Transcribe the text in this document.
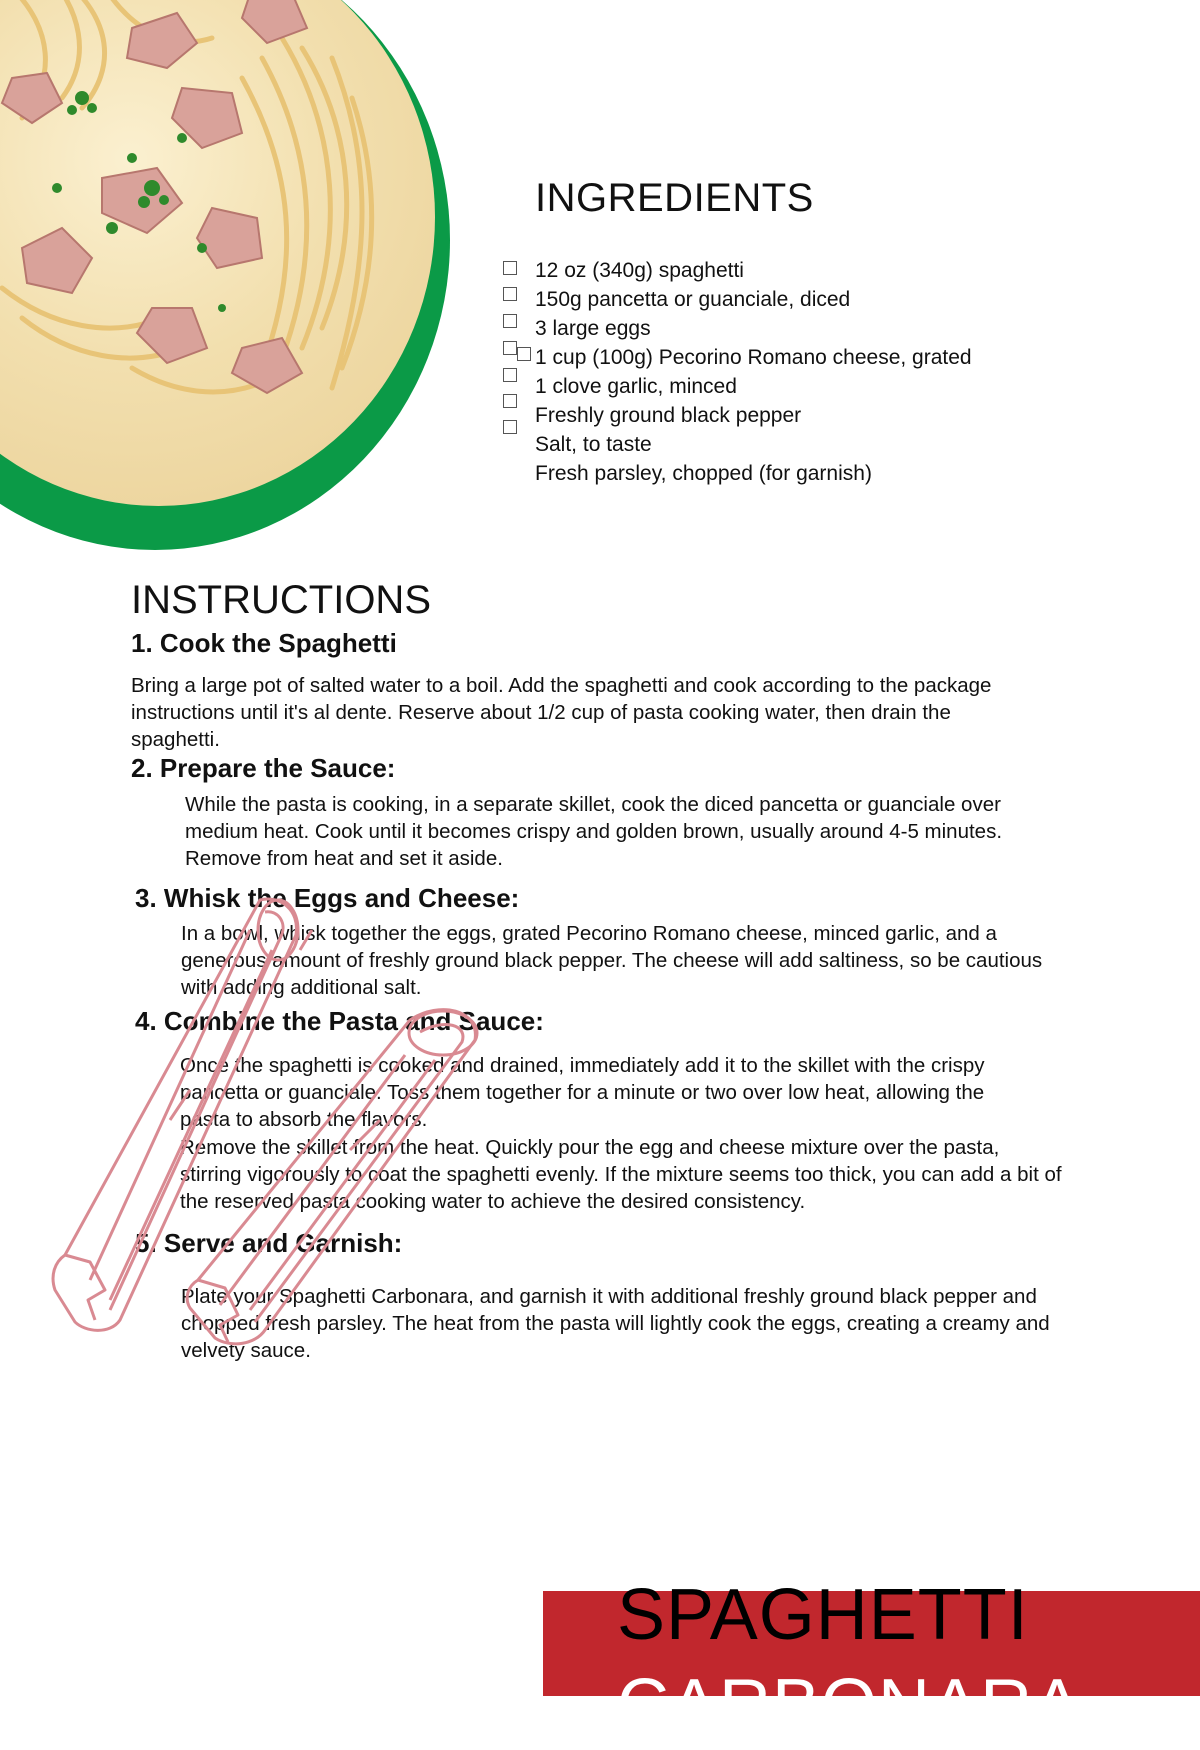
INGREDIENTS
12 oz (340g) spaghetti
150g pancetta or guanciale, diced
3 large eggs
1 cup (100g) Pecorino Romano cheese, grated
1 clove garlic, minced
Freshly ground black pepper
Salt, to taste
Fresh parsley, chopped (for garnish)
INSTRUCTIONS
1. Cook the Spaghetti

Bring a large pot of salted water to a boil. Add the spaghetti and cook according to the package instructions until it's al dente. Reserve about 1/2 cup of pasta cooking water, then drain the spaghetti.

2. Prepare the Sauce:

While the pasta is cooking, in a separate skillet, cook the diced pancetta or guanciale over medium heat. Cook until it becomes crispy and golden brown, usually around 4-5 minutes. Remove from heat and set it aside.

3. Whisk the Eggs and Cheese:

In a bowl, whisk together the eggs, grated Pecorino Romano cheese, minced garlic, and a generous amount of freshly ground black pepper. The cheese will add saltiness, so be cautious with adding additional salt.

4. Combine the Pasta and Sauce:

Once the spaghetti is cooked and drained, immediately add it to the skillet with the crispy pancetta or guanciale. Toss them together for a minute or two over low heat, allowing the pasta to absorb the flavors.

Remove the skillet from the heat. Quickly pour the egg and cheese mixture over the pasta, stirring vigorously to coat the spaghetti evenly. If the mixture seems too thick, you can add a bit of the reserved pasta cooking water to achieve the desired consistency.

5. Serve and Garnish:

Plate your Spaghetti Carbonara, and garnish it with additional freshly ground black pepper and chopped fresh parsley. The heat from the pasta will lightly cook the eggs, creating a creamy and velvety sauce.

SPAGHETTI
CARBONARA
